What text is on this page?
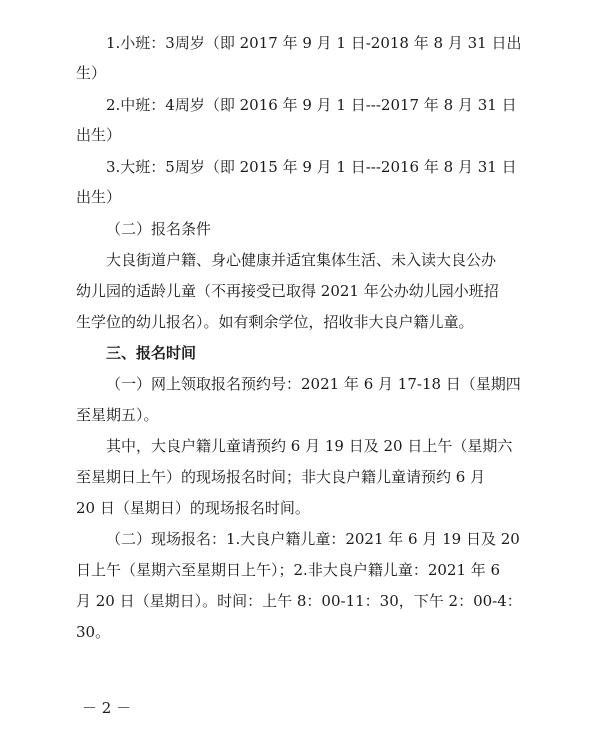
1.小班：3周岁（即 2017 年 9 月 1 日-2018 年 8 月 31 日出
生）
2.中班：4周岁（即 2016 年 9 月 1 日---2017 年 8 月 31 日
出生）
3.大班：5周岁（即 2015 年 9 月 1 日---2016 年 8 月 31 日
出生）
（二）报名条件
大良街道户籍、身心健康并适宜集体生活、未入读大良公办
幼儿园的适龄儿童（不再接受已取得 2021 年公办幼儿园小班招
生学位的幼儿报名）。如有剩余学位，招收非大良户籍儿童。
三、报名时间
（一）网上领取报名预约号：2021 年 6 月 17-18 日（星期四
至星期五）。
其中，大良户籍儿童请预约 6 月 19 日及 20 日上午（星期六
至星期日上午）的现场报名时间；非大良户籍儿童请预约 6 月
20 日（星期日）的现场报名时间。
（二）现场报名：1.大良户籍儿童：2021 年 6 月 19 日及 20
日上午（星期六至星期日上午）；2.非大良户籍儿童：2021 年 6
月 20 日（星期日）。时间：上午 8：00-11：30，下午 2：00-4：
30。
－ 2 －
